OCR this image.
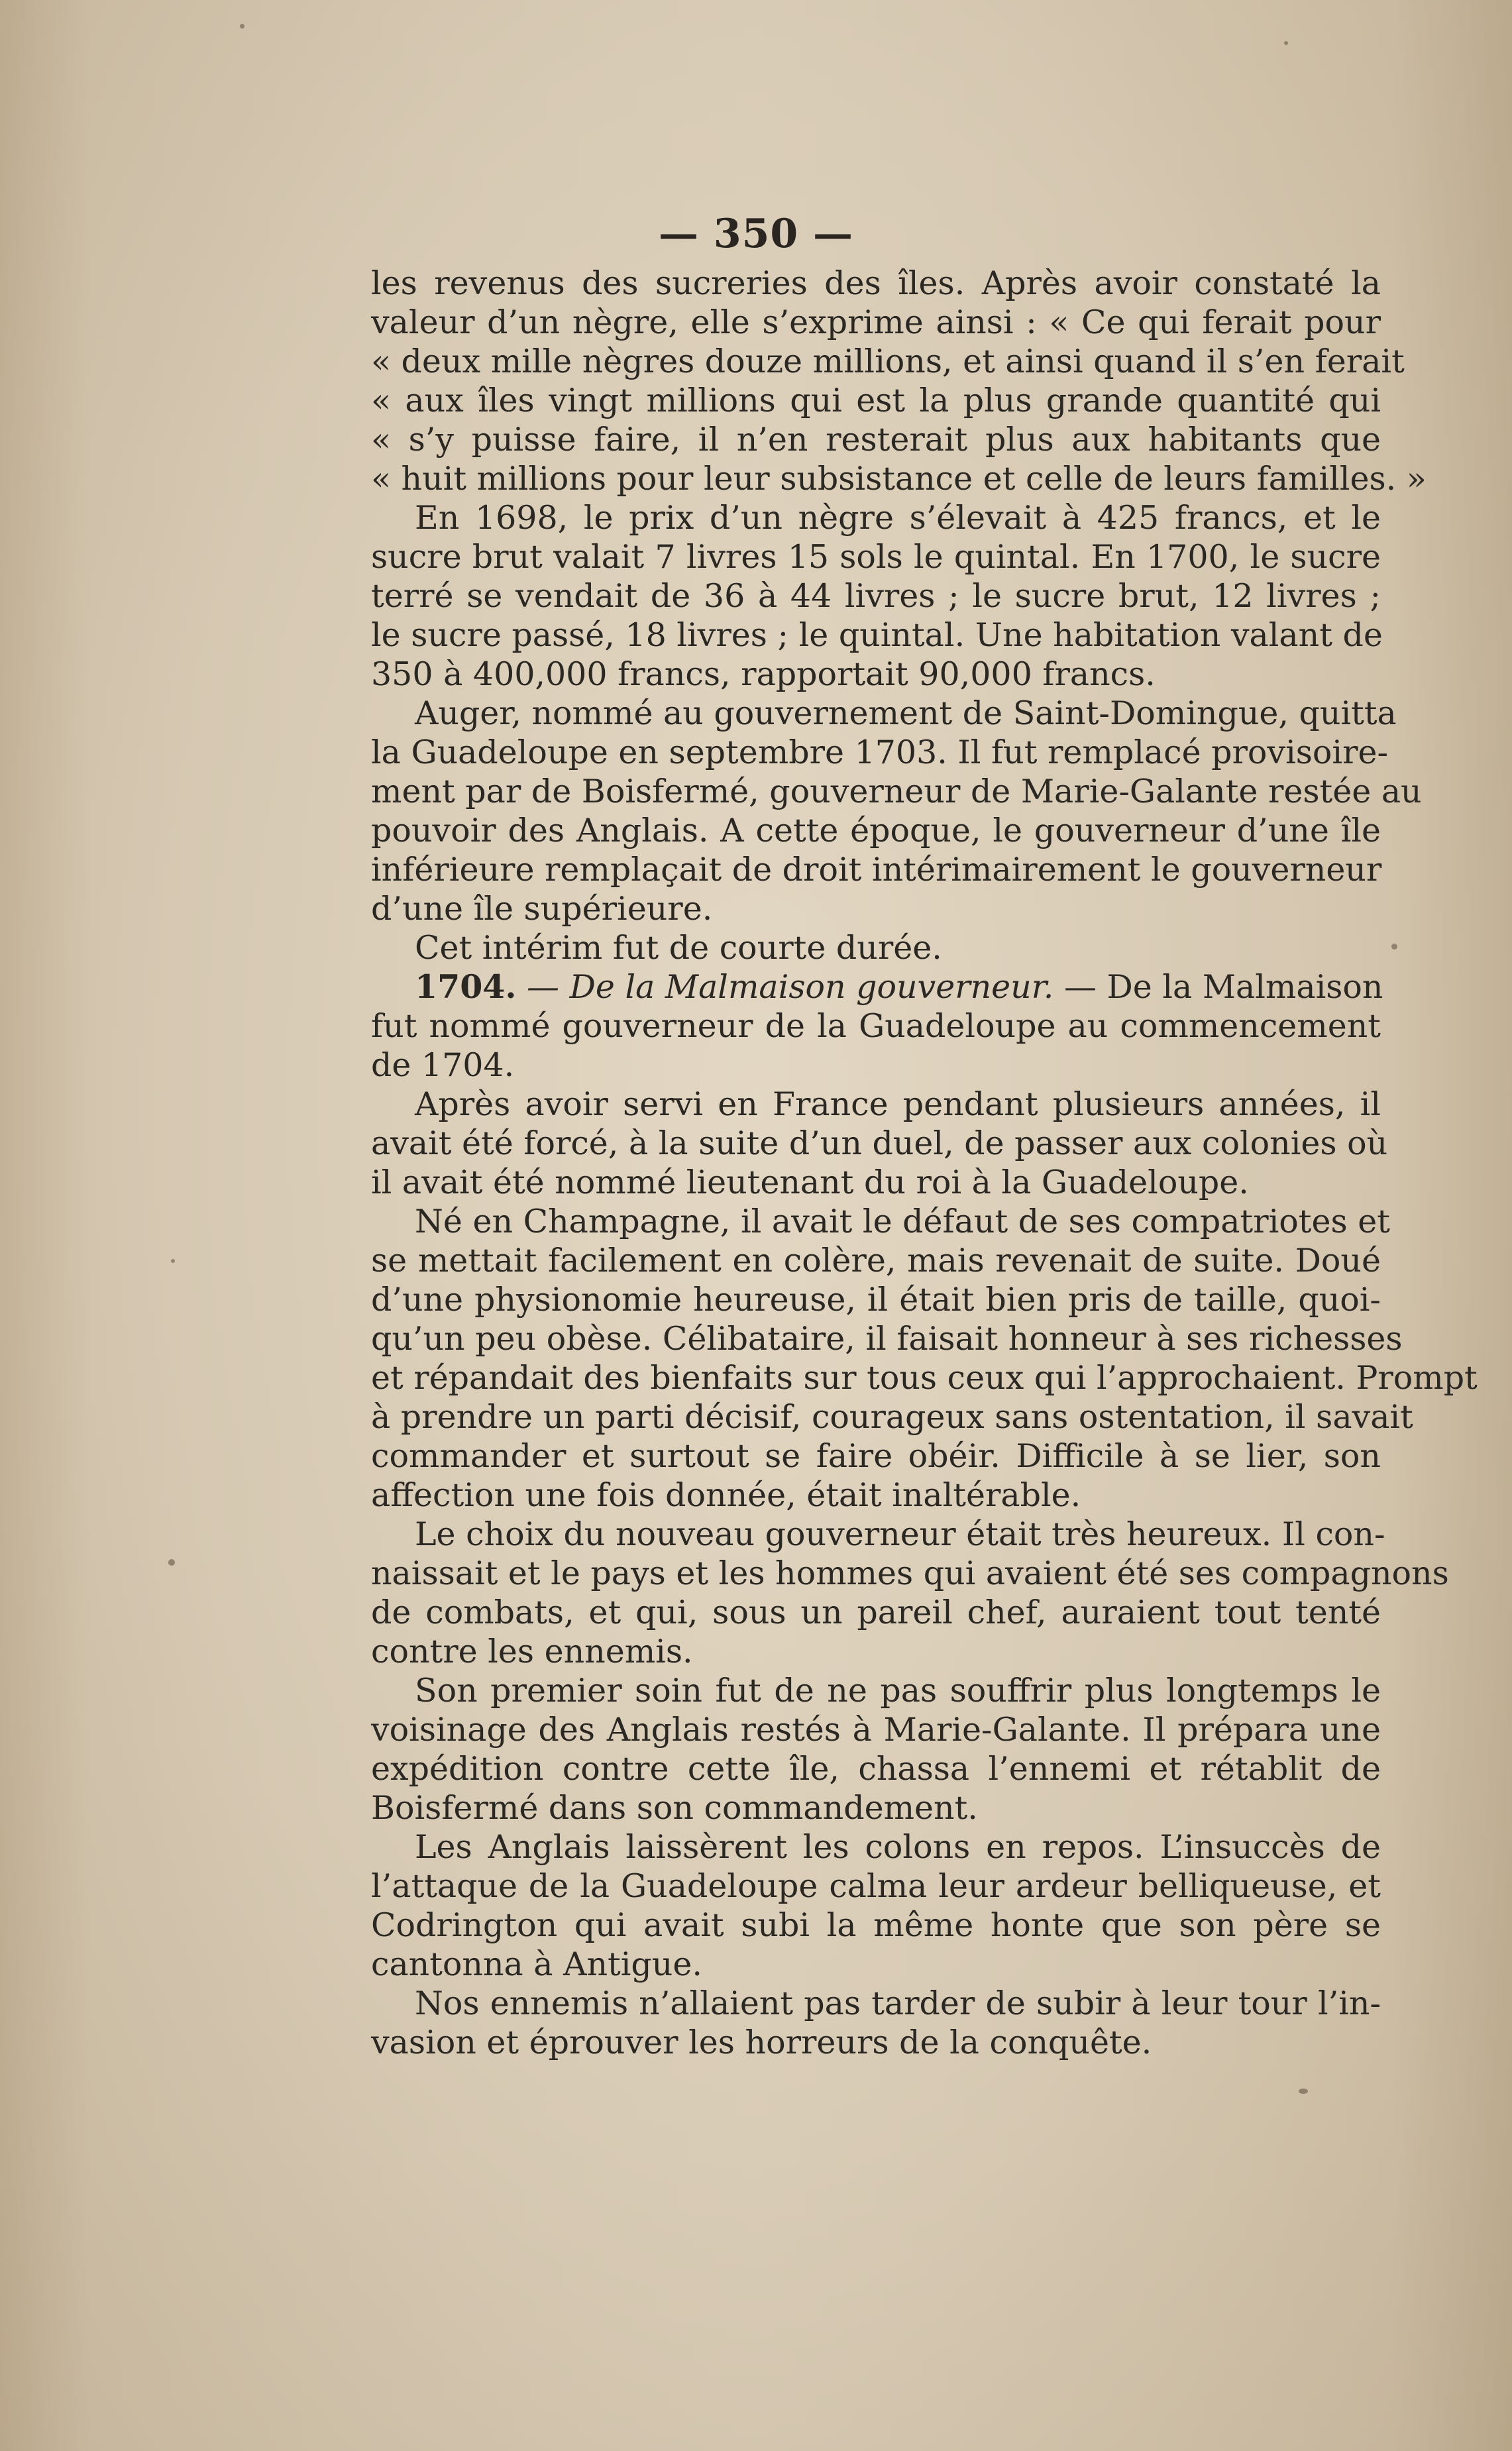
— 350 —
les revenus des sucreries des îles. Après avoir constaté la
valeur d’un nègre, elle s’exprime ainsi : « Ce qui ferait pour
« deux mille nègres douze millions, et ainsi quand il s’en ferait
« aux îles vingt millions qui est la plus grande quantité qui
« s’y puisse faire, il n’en resterait plus aux habitants que
« huit millions pour leur subsistance et celle de leurs familles. »
En 1698, le prix d’un nègre s’élevait à 425 francs, et le
sucre brut valait 7 livres 15 sols le quintal. En 1700, le sucre
terré se vendait de 36 à 44 livres ; le sucre brut, 12 livres ;
le sucre passé, 18 livres ; le quintal. Une habitation valant de
350 à 400,000 francs, rapportait 90,000 francs.
Auger, nommé au gouvernement de Saint-Domingue, quitta
la Guadeloupe en septembre 1703. Il fut remplacé provisoire-
ment par de Boisfermé, gouverneur de Marie-Galante restée au
pouvoir des Anglais. A cette époque, le gouverneur d’une île
inférieure remplaçait de droit intérimairement le gouverneur
d’une île supérieure.
Cet intérim fut de courte durée.
1704. — De la Malmaison gouverneur. — De la Malmaison
fut nommé gouverneur de la Guadeloupe au commencement
de 1704.
Après avoir servi en France pendant plusieurs années, il
avait été forcé, à la suite d’un duel, de passer aux colonies où
il avait été nommé lieutenant du roi à la Guadeloupe.
Né en Champagne, il avait le défaut de ses compatriotes et
se mettait facilement en colère, mais revenait de suite. Doué
d’une physionomie heureuse, il était bien pris de taille, quoi-
qu’un peu obèse. Célibataire, il faisait honneur à ses richesses
et répandait des bienfaits sur tous ceux qui l’approchaient. Prompt
à prendre un parti décisif, courageux sans ostentation, il savait
commander et surtout se faire obéir. Difficile à se lier, son
affection une fois donnée, était inaltérable.
Le choix du nouveau gouverneur était très heureux. Il con-
naissait et le pays et les hommes qui avaient été ses compagnons
de combats, et qui, sous un pareil chef, auraient tout tenté
contre les ennemis.
Son premier soin fut de ne pas souffrir plus longtemps le
voisinage des Anglais restés à Marie-Galante. Il prépara une
expédition contre cette île, chassa l’ennemi et rétablit de
Boisfermé dans son commandement.
Les Anglais laissèrent les colons en repos. L’insuccès de
l’attaque de la Guadeloupe calma leur ardeur belliqueuse, et
Codrington qui avait subi la même honte que son père se
cantonna à Antigue.
Nos ennemis n’allaient pas tarder de subir à leur tour l’in-
vasion et éprouver les horreurs de la conquête.
